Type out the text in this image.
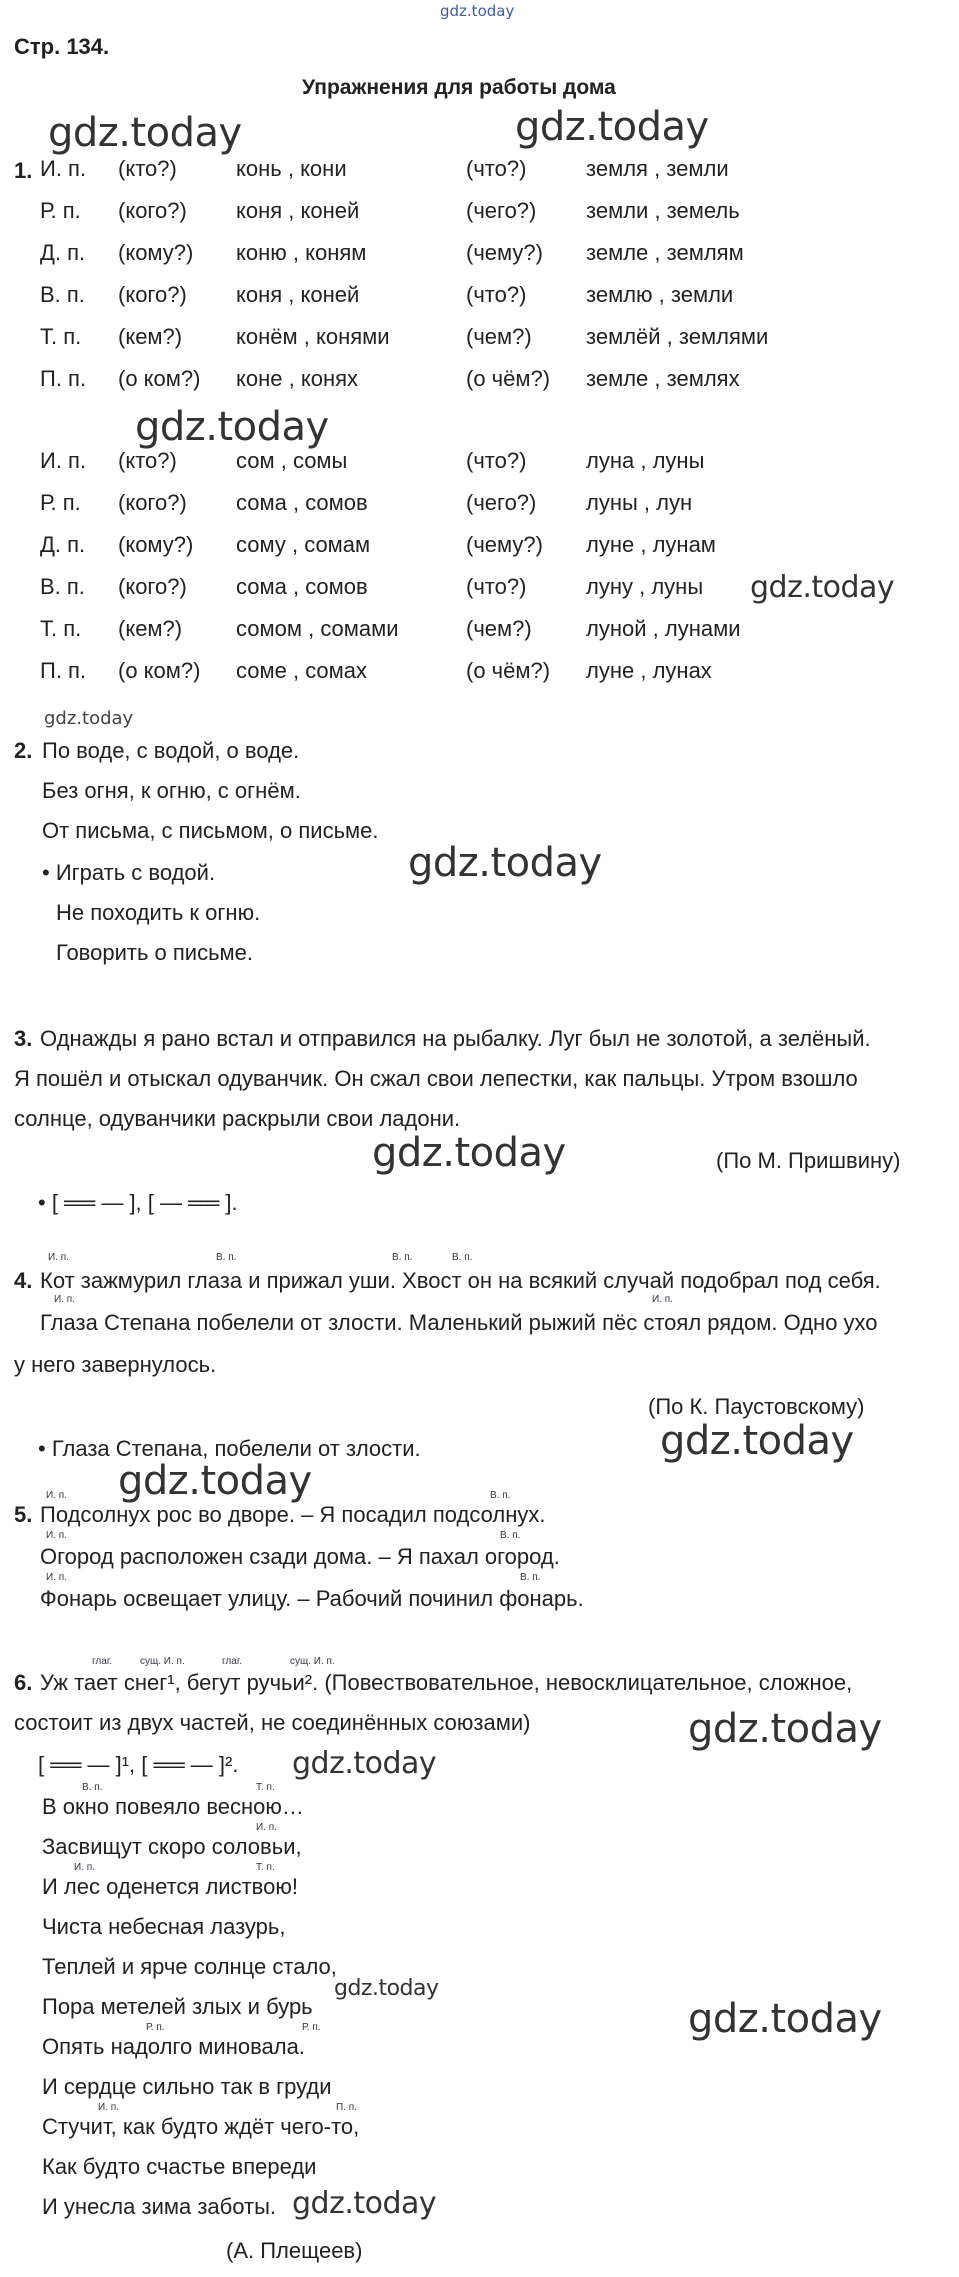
gdz.today
Стр. 134.
Упражнения для работы дома
gdz.today	gdz.today
gdz.today
gdz.today
gdz.today
gdz.today
gdz.today
gdz.today
gdz.today
gdz.today
gdz.today
gdz.today
gdz.today
gdz.today
1. И. п.	(кто?)	конь , кони	(что?)	земля , земли
Р. п.	(кого?)	коня , коней	(чего?)	земли , земель
Д. п.	(кому?)	коню , коням	(чему?)	земле , землям
В. п.	(кого?)	коня , коней	(что?)	землю , земли
Т. п.	(кем?)	конём , конями	(чем?)	землёй , землями
П. п.	(о ком?)	коне , конях	(о чём?)	земле , землях
И. п.	(кто?)	сом , сомы	(что?)	луна , луны
Р. п.	(кого?)	сома , сомов	(чего?)	луны , лун
Д. п.	(кому?)	сому , сомам	(чему?)	луне , лунам
В. п.	(кого?)	сома , сомов	(что?)	луну , луны
Т. п.	(кем?)	сомом , сомами	(чем?)	луной , лунами
П. п.	(о ком?)	соме , сомах	(о чём?)	луне , лунах
2. По воде, с водой, о воде.
Без огня, к огню, с огнём.
От письма, с письмом, о письме.
• Играть с водой.
Не походить к огню.
Говорить о письме.
3. Однажды я рано встал и отправился на рыбалку. Луг был не золотой, а зелёный.
Я пошёл и отыскал одуванчик. Он сжал свои лепестки, как пальцы. Утром взошло
солнце, одуванчики раскрыли свои ладони.
(По М. Пришвину)
• [ ══ — ], [ — ══ ].
И. п.	В. п.	В. п.	В. п.
4. Кот зажмурил глаза и прижал уши. Хвост он на всякий случай подобрал под себя.
И. п.	И. п.
Глаза Степана побелели от злости. Маленький рыжий пёс стоял рядом. Одно ухо
у него завернулось.
(По К. Паустовскому)
• Глаза Степана, побелели от злости.
5.
И. п.	В. п.
Подсолнух рос во дворе. – Я посадил подсолнух.
И. п.	В. п.
Огород расположен сзади дома. – Я пахал огород.
И. п.	В. п.
Фонарь освещает улицу. – Рабочий починил фонарь.
глаг.	сущ. И. п.	глаг.	сущ. И. п.
6. Уж тает снег¹, бегут ручьи². (Повествовательное, невосклицательное, сложное,
состоит из двух частей, не соединённых союзами)
[ ══ — ]¹, [ ══ — ]².
В окно повеяло весною…
Засвищут скоро соловьи,
И лес оденется листвою!
Чиста небесная лазурь,
Теплей и ярче солнце стало,
Пора метелей злых и бурь
Опять надолго миновала.
И сердце сильно так в груди
Стучит, как будто ждёт чего-то,
Как будто счастье впереди
И унесла зима заботы.
В. п.	Т. п.
И. п.
И. п.	Т. п.
Р. п.	Р. п.
И. п.	П. п.
(А. Плещеев)
